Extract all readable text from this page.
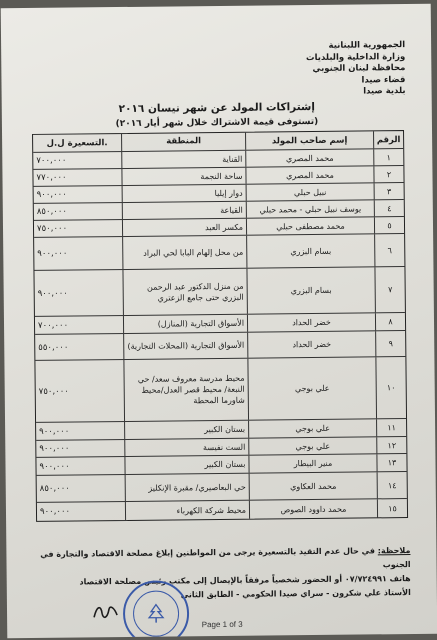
الجمهورية اللبنانية
وزارة الداخلية والبلديات
محافظة لبنان الجنوبي
قضاء صيدا
بلدية صيدا
إشتراكات المولد عن شهر نيسان ٢٠١٦
(تستوفى قيمة الاشتراك خلال شهر أيار ٢٠١٦)
الرقم
إسم صاحب المولد
المنطقة
التسعيرة ل.ل.
١
محمد المصري
القناية
٧٠٠,٠٠٠
٢
محمد المصري
ساحة النجمة
٧٧٠,٠٠٠
٣
نبيل حبلي
دوار إيليا
٩٠٠,٠٠٠
٤
يوسف نبيل حبلي - محمد حبلي
القياعة
٨٥٠,٠٠٠
٥
محمد مصطفى حبلي
مكسر العبد
٧٥٠,٠٠٠
٦
بسام البزري
من محل إلهام البابا لحي البراد
٩٠٠,٠٠٠
٧
بسام البزري
من منزل الدكتور عبد الرحمن البزري حتى جامع الزعتري
٩٠٠,٠٠٠
٨
خضر الحداد
الأسواق التجارية (المنازل)
٧٠٠,٠٠٠
٩
خضر الحداد
الأسواق التجارية (المحلات التجارية)
٥٥٠,٠٠٠
١٠
علي بوجي
محيط مدرسة معروف سعد/ حي النبعة/ محيط قصر العدل/محيط شاورما المحطة
٧٥٠,٠٠٠
١١
علي بوجي
بستان الكبير
٩٠٠,٠٠٠
١٢
علي بوجي
الست نفيسة
٩٠٠,٠٠٠
١٣
منير البيطار
بستان الكبير
٩٠٠,٠٠٠
١٤
محمد العكاوي
حي البعاصيري/ مقبرة الإنكليز
٨٥٠,٠٠٠
١٥
محمد داوود الصوص
محيط شركة الكهرباء
٩٠٠,٠٠٠
ملاحظة: في حال عدم التقيد بالتسعيرة يرجى من المواطنين إبلاغ مصلحة الاقتصاد والتجارة في الجنوب
هاتف ٠٧/٧٢٤٩٩١ أو الحضور شخصياً مرفقاً بالإيصال إلى مكتب رئيس مصلحة الاقتصاد
الأستاذ علي شكرون - سراي صيدا الحكومي - الطابق الثاني
Page 1 of 3
